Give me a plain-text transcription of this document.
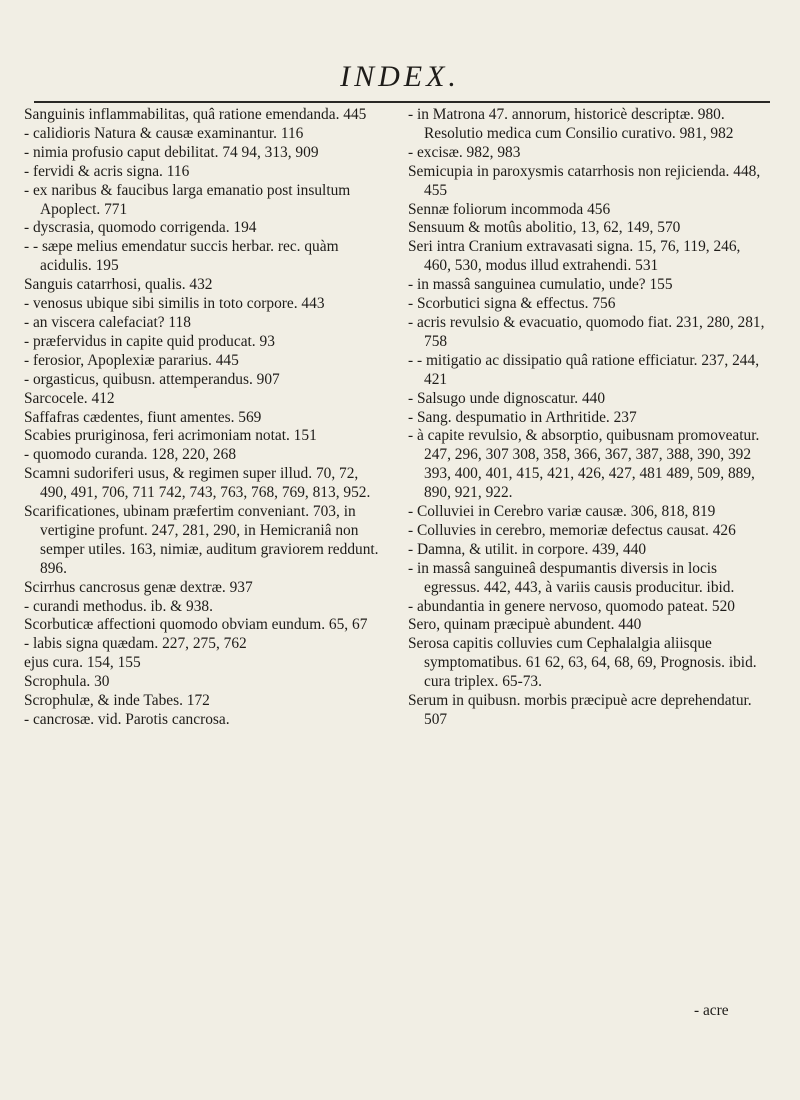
INDEX.
Sanguinis inflammabilitas, quâ ratione emendanda. 445
- calidioris Natura & causæ examinantur. 116
- nimia profusio caput debilitat. 74 94, 313, 909
- fervidi & acris signa. 116
- ex naribus & faucibus larga emanatio post insultum Apoplect. 771
- dyscrasia, quomodo corrigenda. 194
- - sæpe melius emendatur succis herbar. rec. quàm acidulis. 195
Sanguis catarrhosi, qualis. 432
- venosus ubique sibi similis in toto corpore. 443
- an viscera calefaciat? 118
- præfervidus in capite quid producat. 93
- ferosior, Apoplexiæ pararius. 445
- orgasticus, quibusn. attemperandus. 907
Sarcocele. 412
Saffafras cædentes, fiunt amentes. 569
Scabies pruriginosa, feri acrimoniam notat. 151
- quomodo curanda. 128, 220, 268
Scamni sudoriferi usus, & regimen super illud. 70, 72, 490, 491, 706, 711 742, 743, 763, 768, 769, 813, 952.
Scarificationes, ubinam præfertim conveniant. 703, in vertigine profunt. 247, 281, 290, in Hemicraniâ non semper utiles. 163, nimiæ, auditum graviorem reddunt. 896.
Scirrhus cancrosus genæ dextræ. 937
- curandi methodus. ib. & 938.
Scorbuticæ affectioni quomodo obviam eundum. 65, 67
- labis signa quædam. 227, 275, 762
ejus cura. 154, 155
Scrophula. 30
Scrophulæ, & inde Tabes. 172
- cancrosæ. vid. Parotis cancrosa.
- in Matrona 47. annorum, historicè descriptæ. 980. Resolutio medica cum Consilio curativo. 981, 982
- excisæ. 982, 983
Semicupia in paroxysmis catarrhosis non rejicienda. 448, 455
Sennæ foliorum incommoda 456
Sensuum & motûs abolitio, 13, 62, 149, 570
Seri intra Cranium extravasati signa. 15, 76, 119, 246, 460, 530, modus illud extrahendi. 531
- in massâ sanguinea cumulatio, unde? 155
- Scorbutici signa & effectus. 756
- acris revulsio & evacuatio, quomodo fiat. 231, 280, 281, 758
- - mitigatio ac dissipatio quâ ratione efficiatur. 237, 244, 421
- Salsugo unde dignoscatur. 440
- Sang. despumatio in Arthritide. 237
- à capite revulsio, & absorptio, quibusnam promoveatur. 247, 296, 307 308, 358, 366, 367, 387, 388, 390, 392 393, 400, 401, 415, 421, 426, 427, 481 489, 509, 889, 890, 921, 922.
- Colluviei in Cerebro variæ causæ. 306, 818, 819
- Colluvies in cerebro, memoriæ defectus causat. 426
- Damna, & utilit. in corpore. 439, 440
- in massâ sanguineâ despumantis diversis in locis egressus. 442, 443, à variis causis producitur. ibid.
- abundantia in genere nervoso, quomodo pateat. 520
Sero, quinam præcipuè abundent. 440
Serosa capitis colluvies cum Cephalalgia aliisque symptomatibus. 61 62, 63, 64, 68, 69, Prognosis. ibid. cura triplex. 65-73.
Serum in quibusn. morbis præcipuè acre deprehendatur. 507
- acre
